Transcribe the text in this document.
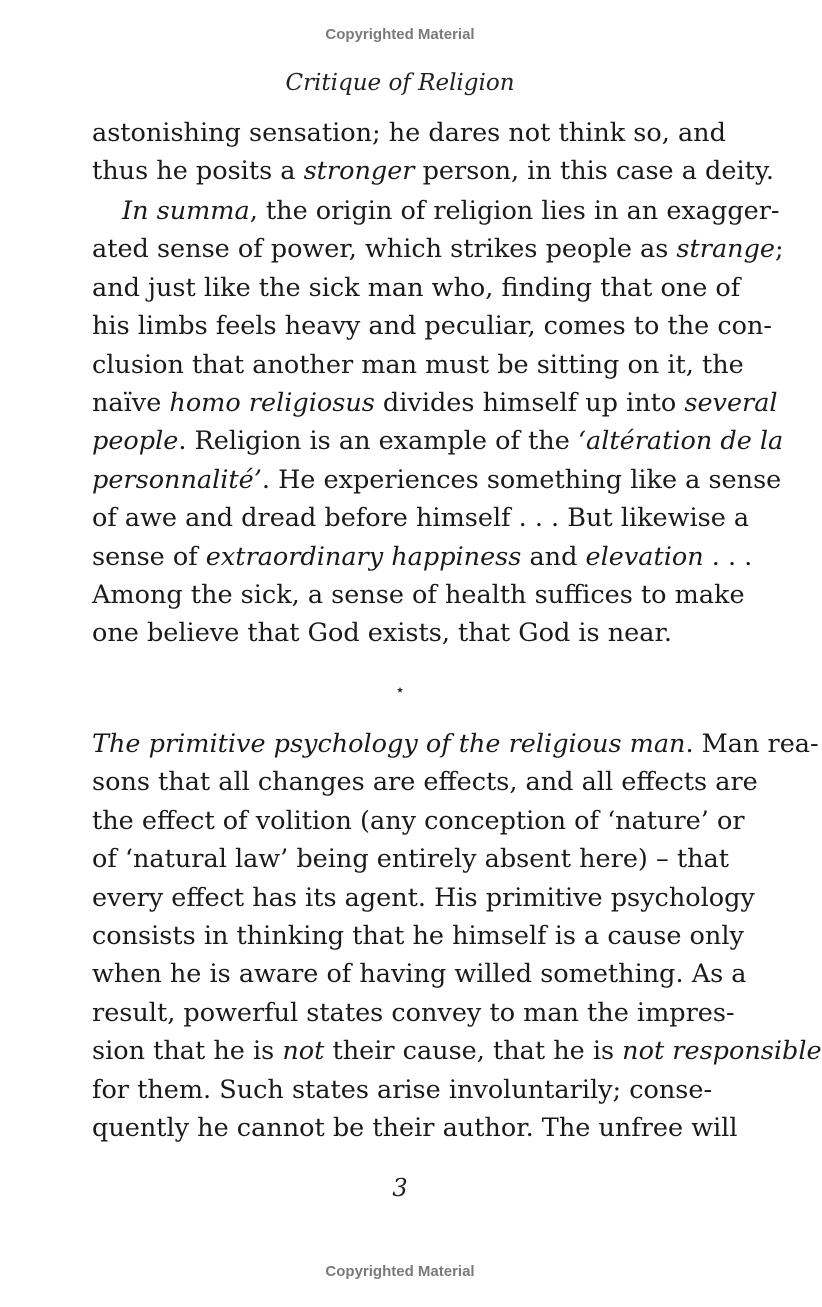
Copyrighted Material
Critique of Religion
astonishing sensation; he dares not think so, and
thus he posits a stronger person, in this case a deity.
In summa, the origin of religion lies in an exagger-
ated sense of power, which strikes people as strange;
and just like the sick man who, finding that one of
his limbs feels heavy and peculiar, comes to the con-
clusion that another man must be sitting on it, the
naïve homo religiosus divides himself up into several
people. Religion is an example of the ‘altération de la
personnalité’. He experiences something like a sense
of awe and dread before himself . . . But likewise a
sense of extraordinary happiness and elevation . . .
Among the sick, a sense of health suffices to make
one believe that God exists, that God is near.
⋆
The primitive psychology of the religious man. Man rea-
sons that all changes are effects, and all effects are
the effect of volition (any conception of ‘nature’ or
of ‘natural law’ being entirely absent here) – that
every effect has its agent. His primitive psychology
consists in thinking that he himself is a cause only
when he is aware of having willed something. As a
result, powerful states convey to man the impres-
sion that he is not their cause, that he is not responsible
for them. Such states arise involuntarily; conse-
quently he cannot be their author. The unfree will
3
Copyrighted Material
